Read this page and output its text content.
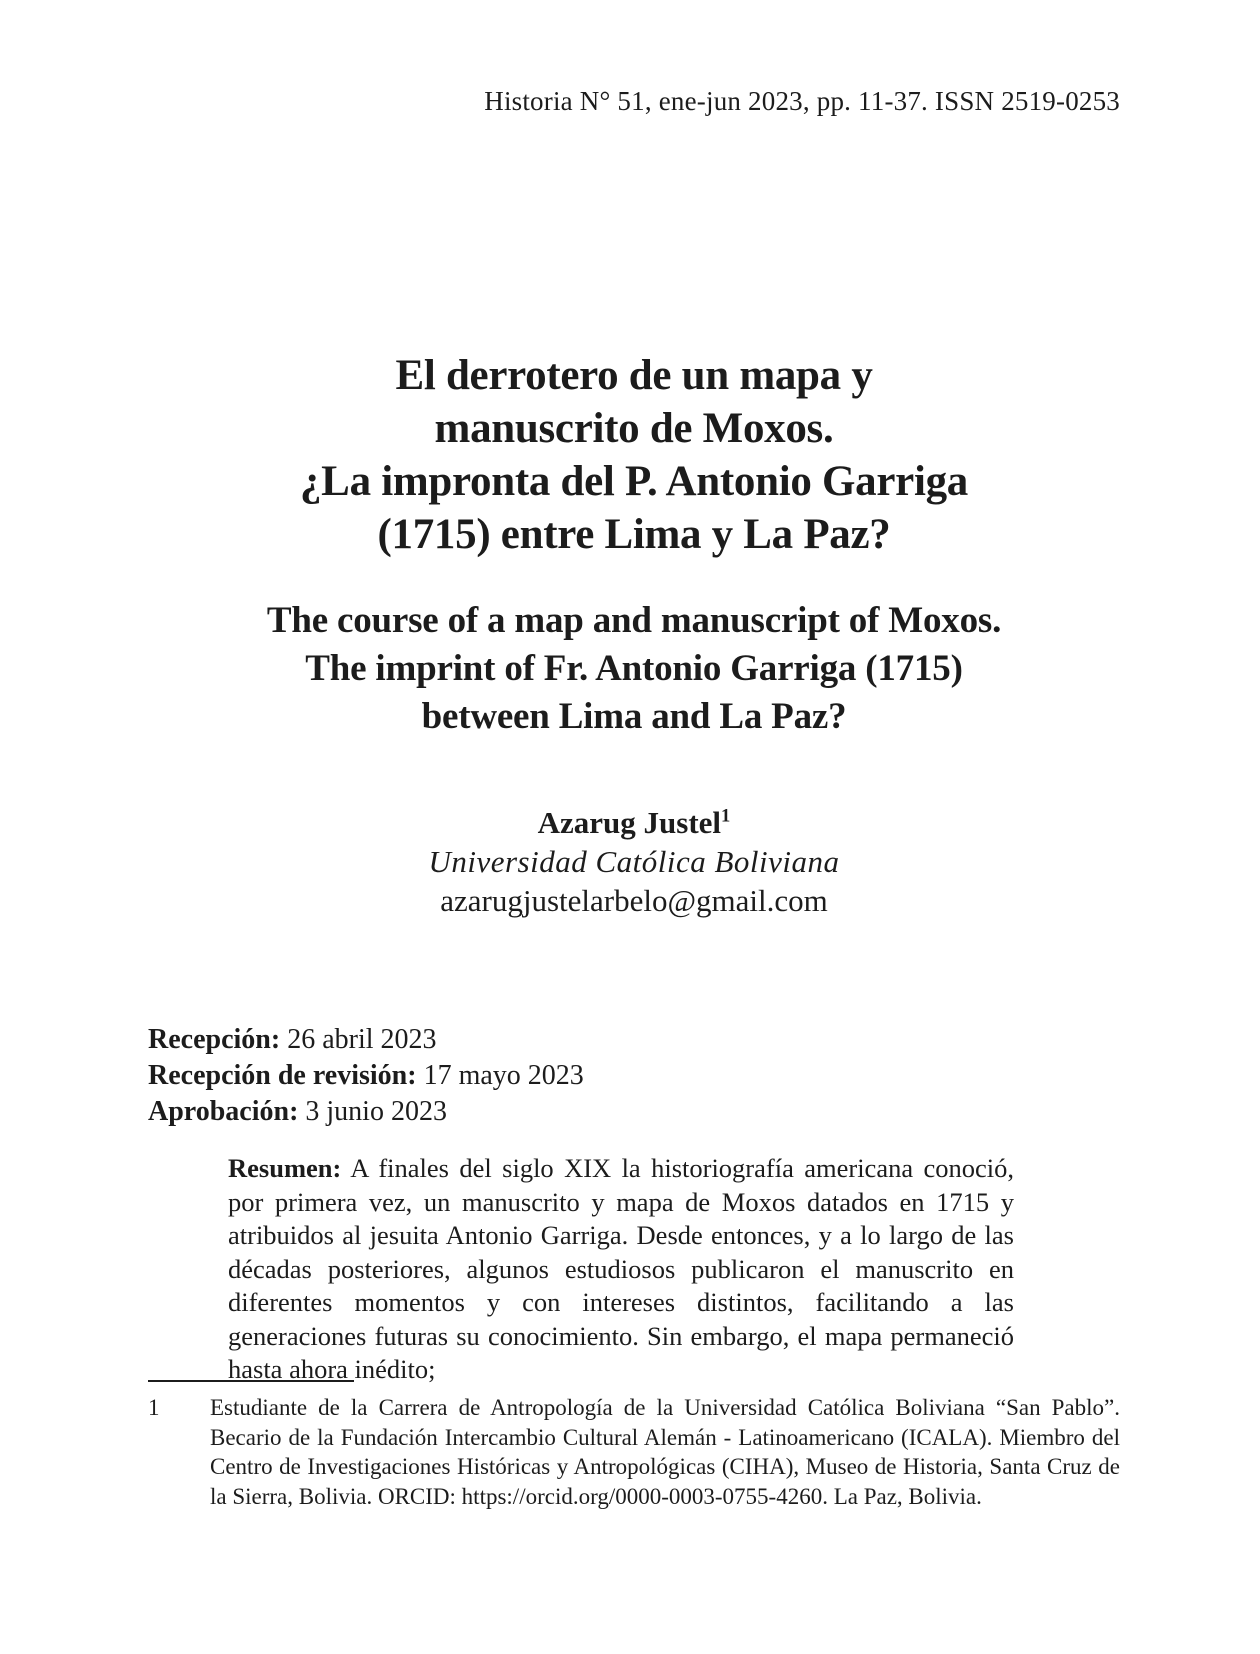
Historia N° 51, ene-jun 2023, pp. 11-37. ISSN 2519-0253
El derrotero de un mapa y
manuscrito de Moxos.
¿La impronta del P. Antonio Garriga
(1715) entre Lima y La Paz?
The course of a map and manuscript of Moxos.
The imprint of Fr. Antonio Garriga (1715)
between Lima and La Paz?
Azarug Justel$^1$
Universidad Católica Boliviana
azarugjustelarbelo@gmail.com
Recepción: 26 abril 2023
Recepción de revisión: 17 mayo 2023
Aprobación: 3 junio 2023

Resumen: A finales del siglo XIX la historiografía americana conoció, por primera vez, un manuscrito y mapa de Moxos datados en 1715 y atribuidos al jesuita Antonio Garriga. Desde entonces, y a lo largo de las décadas posteriores, algunos estudiosos publicaron el manuscrito en diferentes momentos y con intereses distintos, facilitando a las generaciones futuras su conocimiento. Sin embargo, el mapa permaneció hasta ahora inédito;

1	Estudiante de la Carrera de Antropología de la Universidad Católica Boliviana “San Pablo”. Becario de la Fundación Intercambio Cultural Alemán - Latinoamericano (ICALA). Miembro del Centro de Investigaciones Históricas y Antropológicas (CIHA), Museo de Historia, Santa Cruz de la Sierra, Bolivia. ORCID: https://orcid.org/0000-0003-0755-4260. La Paz, Bolivia.
